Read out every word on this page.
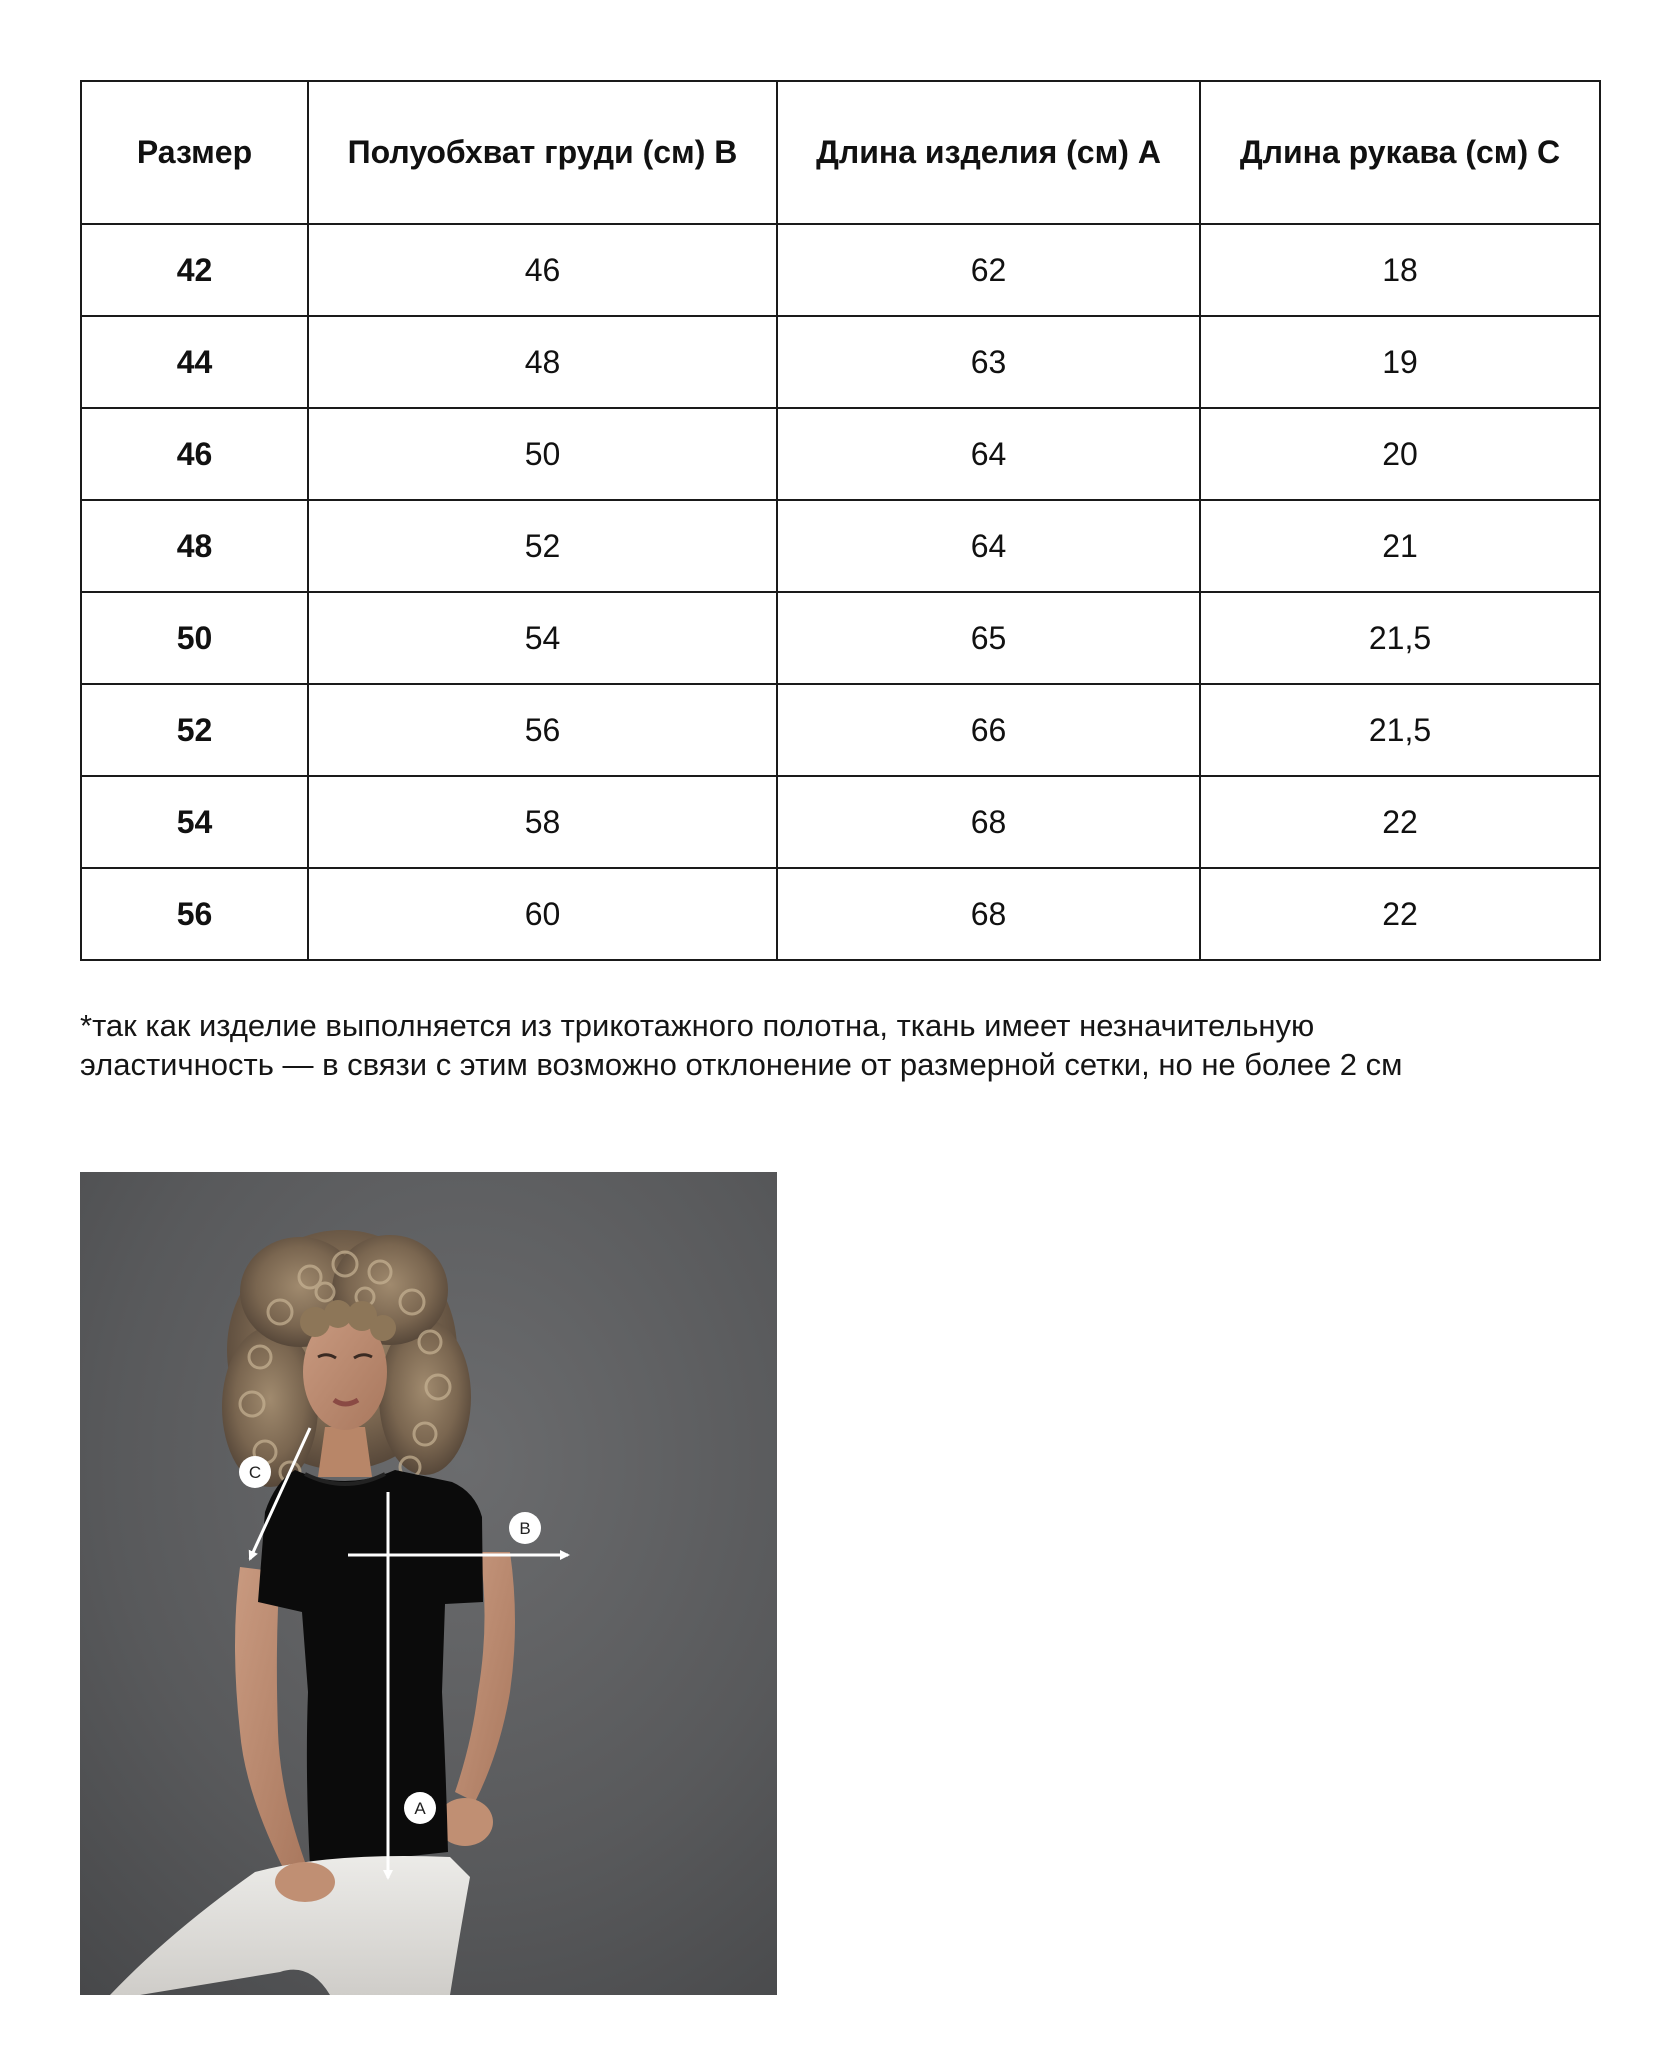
Размер	Полуобхват груди (см) B	Длина изделия (см) A	Длина рукава (см) C
42	46	62	18
44	48	63	19
46	50	64	20
48	52	64	21
50	54	65	21,5
52	56	66	21,5
54	58	68	22
56	60	68	22

*так как изделие выполняется из трикотажного полотна, ткань имеет незначительную

эластичность — в связи с этим возможно отклонение от размерной сетки, но не более 2 см

C
B
A
